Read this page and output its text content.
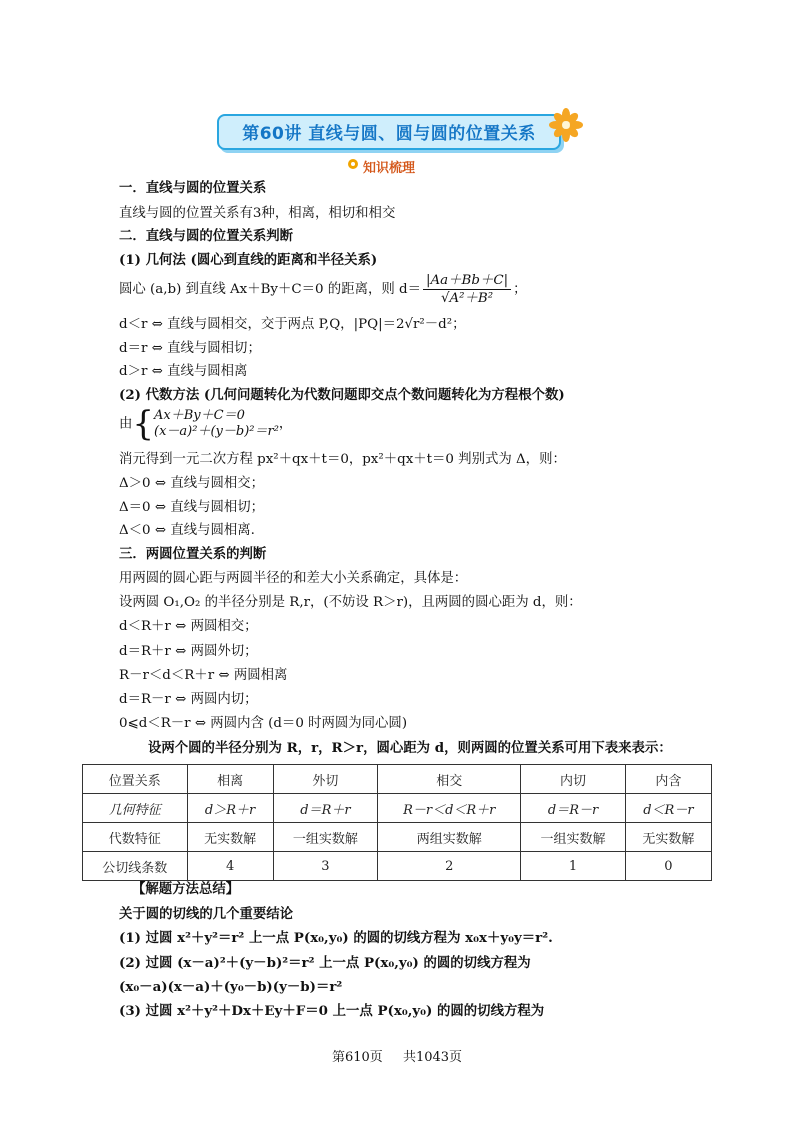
第60讲 直线与圆、圆与圆的位置关系
知识梳理
一．直线与圆的位置关系
直线与圆的位置关系有3种，相离，相切和相交
二．直线与圆的位置关系判断
(1) 几何法 (圆心到直线的距离和半径关系)
圆心 (a,b) 到直线 Ax＋By＋C＝0 的距离，则 $d= \frac{|Aa+Bb+C|}{\text{√A²＋B²}}$ ；
d＜r ⇔ 直线与圆相交，交于两点 P,Q，|PQ|＝2√r²－d²；
d＝r ⇔ 直线与圆相切；
d＞r ⇔ 直线与圆相离
(2) 代数方法 (几何问题转化为代数问题即交点个数问题转化为方程根个数)
由{ Ax＋By＋C＝0
(x－a)²＋(y－b)²＝r² ，
消元得到一元二次方程 px²＋qx＋t＝0，px²＋qx＋t＝0 判别式为 Δ，则：
Δ＞0 ⇔ 直线与圆相交；
Δ＝0 ⇔ 直线与圆相切；
Δ＜0 ⇔ 直线与圆相离.
三．两圆位置关系的判断
用两圆的圆心距与两圆半径的和差大小关系确定，具体是：
设两圆 O₁,O₂ 的半径分别是 R,r，(不妨设 R＞r)，且两圆的圆心距为 d，则：
d＜R＋r ⇔ 两圆相交；
d＝R＋r ⇔ 两圆外切；
R－r＜d＜R＋r ⇔ 两圆相离
d＝R－r ⇔ 两圆内切；
0⩽d＜R－r ⇔ 两圆内含 (d＝0 时两圆为同心圆)
设两个圆的半径分别为 R，r，R＞r，圆心距为 d，则两圆的位置关系可用下表来表示：
位置关系	相离	外切	相交	内切	内含
几何特征	d＞R＋r	d＝R＋r	R－r＜d＜R＋r	d＝R－r	d＜R－r
代数特征	无实数解	一组实数解	两组实数解	一组实数解	无实数解
公切线条数	4	3	2	1	0
【解题方法总结】
关于圆的切线的几个重要结论
(1) 过圆 x²＋y²＝r² 上一点 P(x₀,y₀) 的圆的切线方程为 x₀x＋y₀y＝r².
(2) 过圆 (x－a)²＋(y－b)²＝r² 上一点 P(x₀,y₀) 的圆的切线方程为
(x₀－a)(x－a)＋(y₀－b)(y－b)＝r²
(3) 过圆 x²＋y²＋Dx＋Ey＋F＝0 上一点 P(x₀,y₀) 的圆的切线方程为
第610页 共1043页
